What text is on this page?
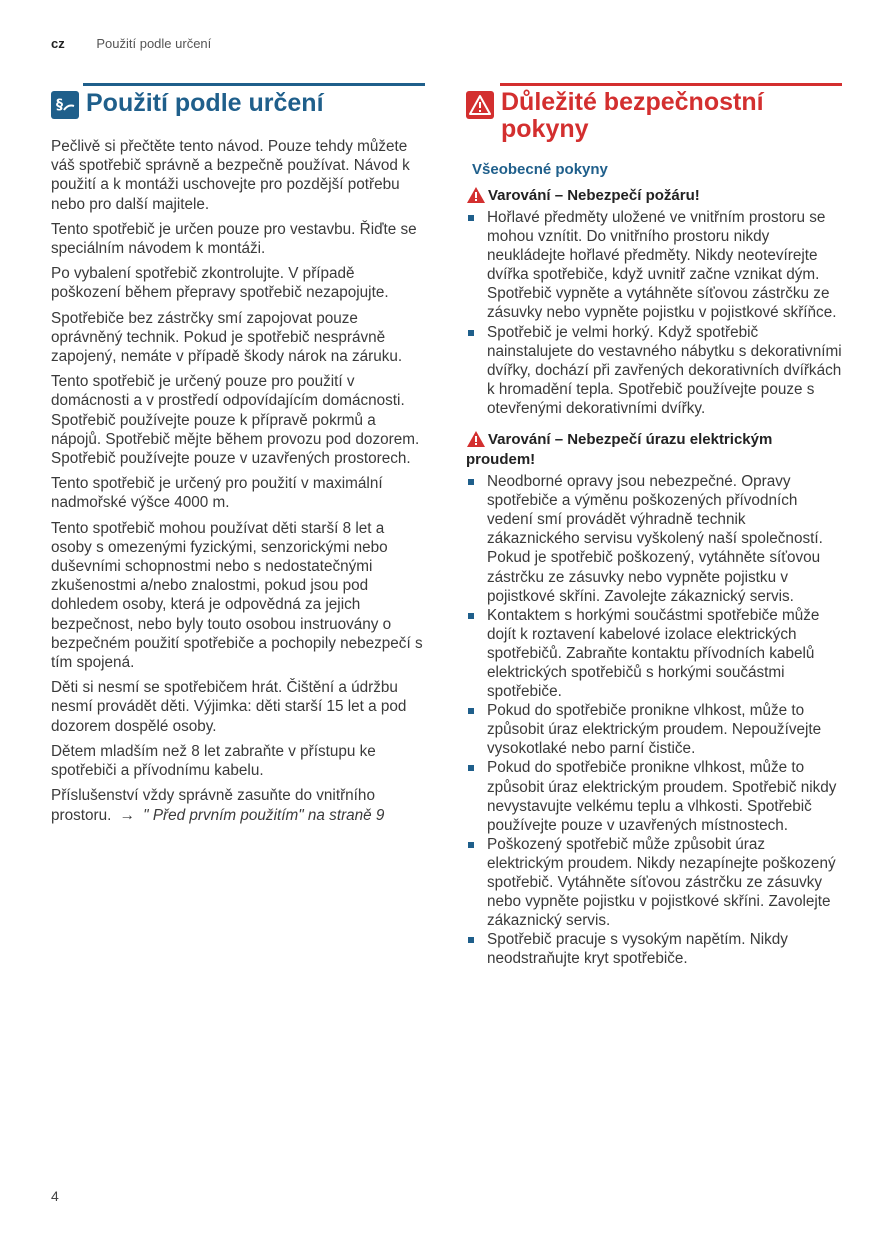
cz Použití podle určení
§ Použití podle určení

Pečlivě si přečtěte tento návod. Pouze tehdy můžete váš spotřebič správně a bezpečně používat. Návod k použití a k montáži uschovejte pro pozdější potřebu nebo pro další majitele.

Tento spotřebič je určen pouze pro vestavbu. Řiďte se speciálním návodem k montáži.

Po vybalení spotřebič zkontrolujte. V případě poškození během přepravy spotřebič nezapojujte.

Spotřebiče bez zástrčky smí zapojovat pouze oprávněný technik. Pokud je spotřebič nesprávně zapojený, nemáte v případě škody nárok na záruku.

Tento spotřebič je určený pouze pro použití v domácnosti a v prostředí odpovídajícím domácnosti. Spotřebič používejte pouze k přípravě pokrmů a nápojů. Spotřebič mějte během provozu pod dozorem. Spotřebič používejte pouze v uzavřených prostorech.

Tento spotřebič je určený pro použití v maximální nadmořské výšce 4000 m.

Tento spotřebič mohou používat děti starší 8 let a osoby s omezenými fyzickými, senzorickými nebo duševními schopnostmi nebo s nedostatečnými zkušenostmi a/nebo znalostmi, pokud jsou pod dohledem osoby, která je odpovědná za jejich bezpečnost, nebo byly touto osobou instruovány o bezpečném použití spotřebiče a pochopily nebezpečí s tím spojená.

Děti si nesmí se spotřebičem hrát. Čištění a údržbu nesmí provádět děti. Výjimka: děti starší 15 let a pod dozorem dospělé osoby.

Dětem mladším než 8 let zabraňte v přístupu ke spotřebiči a přívodnímu kabelu.

Příslušenství vždy správně zasuňte do vnitřního prostoru. → " Před prvním použitím" na straně 9

Důležité bezpečnostní pokyny
Všeobecné pokyny
Varování – Nebezpečí požáru!
Hořlavé předměty uložené ve vnitřním prostoru se mohou vznítit. Do vnitřního prostoru nikdy neukládejte hořlavé předměty. Nikdy neotevírejte dvířka spotřebiče, když uvnitř začne vznikat dým. Spotřebič vypněte a vytáhněte síťovou zástrčku ze zásuvky nebo vypněte pojistku v pojistkové skříňce.
Spotřebič je velmi horký. Když spotřebič nainstalujete do vestavného nábytku s dekorativními dvířky, dochází při zavřených dekorativních dvířkách k hromadění tepla. Spotřebič používejte pouze s otevřenými dekorativními dvířky.
Varování – Nebezpečí úrazu elektrickým proudem!
Neodborné opravy jsou nebezpečné. Opravy spotřebiče a výměnu poškozených přívodních vedení smí provádět výhradně technik zákaznického servisu vyškolený naší společností. Pokud je spotřebič poškozený, vytáhněte síťovou zástrčku ze zásuvky nebo vypněte pojistku v pojistkové skříni. Zavolejte zákaznický servis.
Kontaktem s horkými součástmi spotřebiče může dojít k roztavení kabelové izolace elektrických spotřebičů. Zabraňte kontaktu přívodních kabelů elektrických spotřebičů s horkými součástmi spotřebiče.
Pokud do spotřebiče pronikne vlhkost, může to způsobit úraz elektrickým proudem. Nepoužívejte vysokotlaké nebo parní čističe.
Pokud do spotřebiče pronikne vlhkost, může to způsobit úraz elektrickým proudem. Spotřebič nikdy nevystavujte velkému teplu a vlhkosti. Spotřebič používejte pouze v uzavřených místnostech.
Poškozený spotřebič může způsobit úraz elektrickým proudem. Nikdy nezapínejte poškozený spotřebič. Vytáhněte síťovou zástrčku ze zásuvky nebo vypněte pojistku v pojistkové skříni. Zavolejte zákaznický servis.
Spotřebič pracuje s vysokým napětím. Nikdy neodstraňujte kryt spotřebiče.
4
